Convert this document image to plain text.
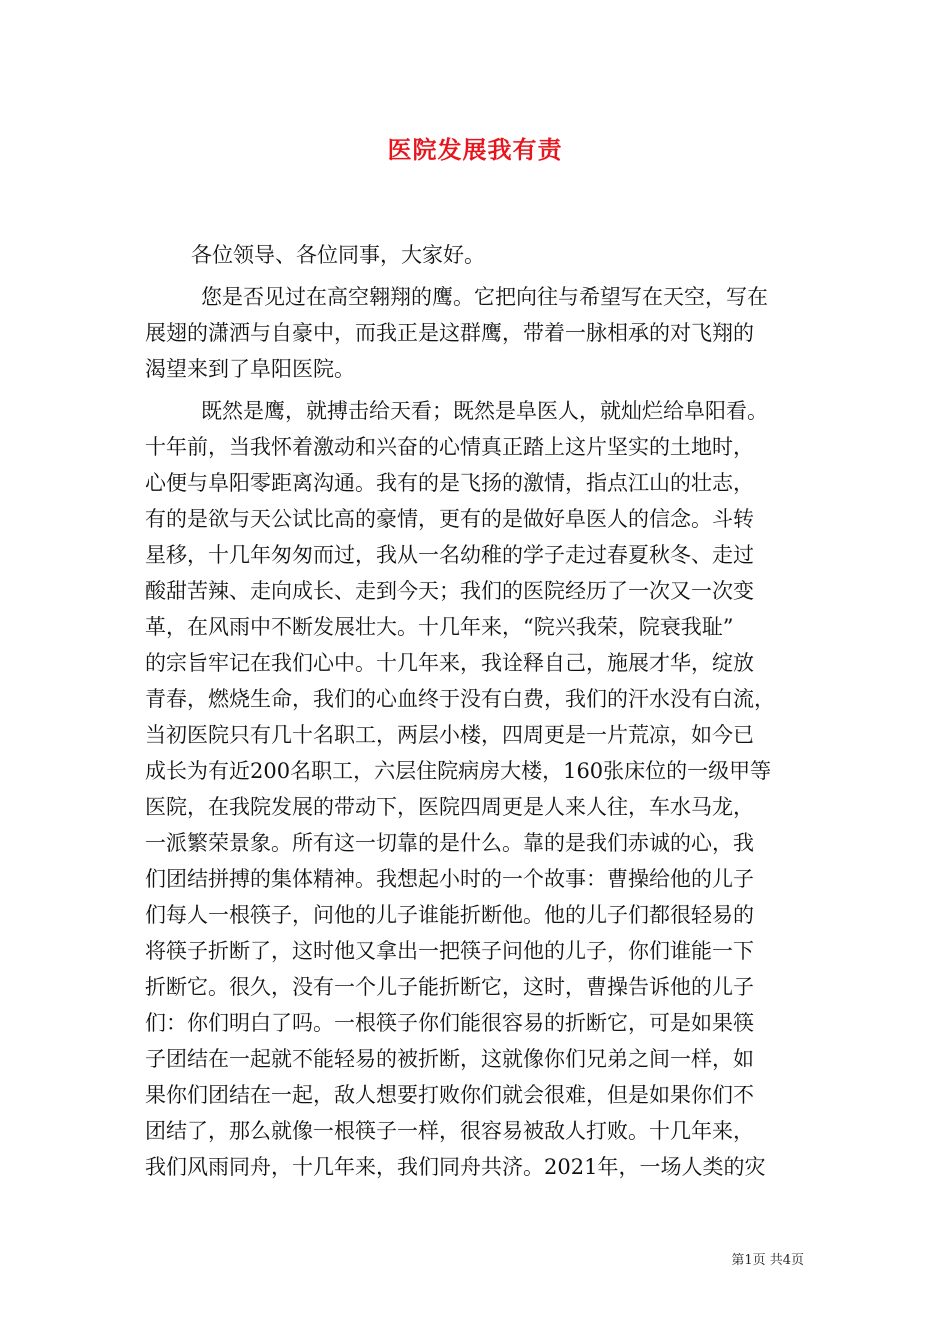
医院发展我有责
各位领导、各位同事，大家好。
您是否见过在高空翱翔的鹰。它把向往与希望写在天空，写在
展翅的潇洒与自豪中，而我正是这群鹰，带着一脉相承的对飞翔的
渴望来到了阜阳医院。
既然是鹰，就搏击给天看；既然是阜医人，就灿烂给阜阳看。
十年前，当我怀着激动和兴奋的心情真正踏上这片坚实的土地时，
心便与阜阳零距离沟通。我有的是飞扬的激情，指点江山的壮志，
有的是欲与天公试比高的豪情，更有的是做好阜医人的信念。斗转
星移，十几年匆匆而过，我从一名幼稚的学子走过春夏秋冬、走过
酸甜苦辣、走向成长、走到今天；我们的医院经历了一次又一次变
革，在风雨中不断发展壮大。十几年来，“院兴我荣，院衰我耻”
的宗旨牢记在我们心中。十几年来，我诠释自己，施展才华，绽放
青春，燃烧生命，我们的心血终于没有白费，我们的汗水没有白流，
当初医院只有几十名职工，两层小楼，四周更是一片荒凉，如今已
成长为有近200名职工，六层住院病房大楼，160张床位的一级甲等
医院，在我院发展的带动下，医院四周更是人来人往，车水马龙，
一派繁荣景象。所有这一切靠的是什么。靠的是我们赤诚的心，我
们团结拼搏的集体精神。我想起小时的一个故事：曹操给他的儿子
们每人一根筷子，问他的儿子谁能折断他。他的儿子们都很轻易的
将筷子折断了，这时他又拿出一把筷子问他的儿子，你们谁能一下
折断它。很久，没有一个儿子能折断它，这时，曹操告诉他的儿子
们：你们明白了吗。一根筷子你们能很容易的折断它，可是如果筷
子团结在一起就不能轻易的被折断，这就像你们兄弟之间一样，如
果你们团结在一起，敌人想要打败你们就会很难，但是如果你们不
团结了，那么就像一根筷子一样，很容易被敌人打败。十几年来，
我们风雨同舟，十几年来，我们同舟共济。2021年，一场人类的灾
第1页 共4页
